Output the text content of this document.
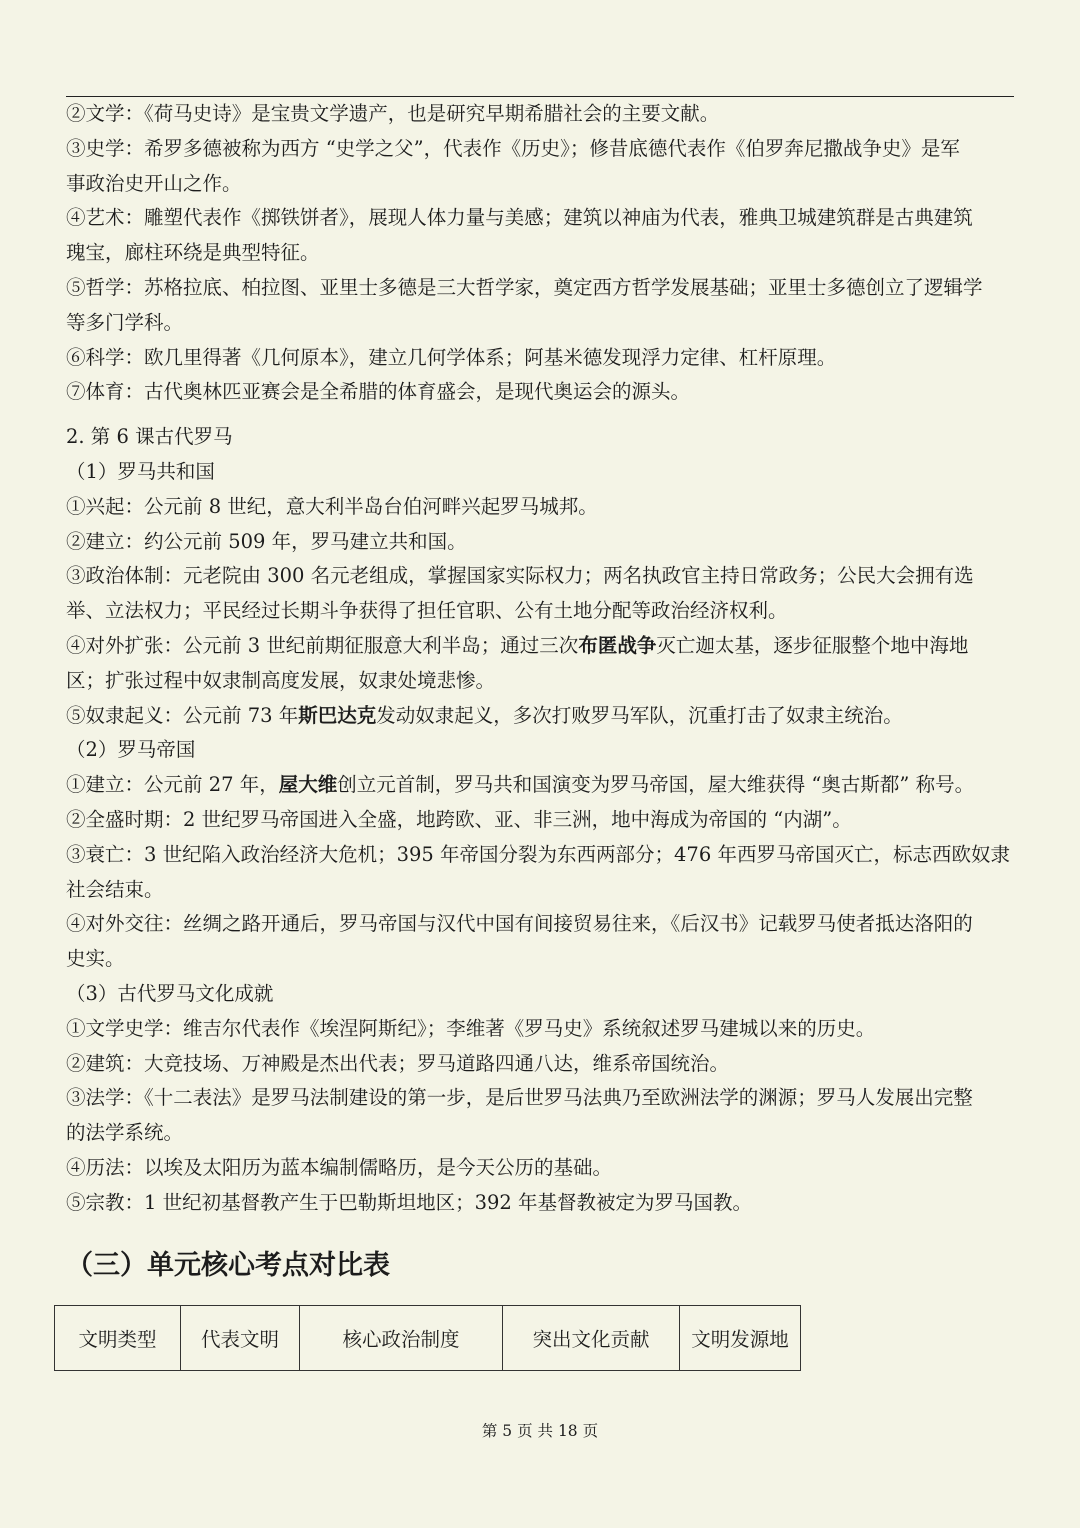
②文学：《荷马史诗》是宝贵文学遗产，也是研究早期希腊社会的主要文献。
③史学：希罗多德被称为西方 “史学之父”，代表作《历史》；修昔底德代表作《伯罗奔尼撒战争史》是军
事政治史开山之作。
④艺术：雕塑代表作《掷铁饼者》，展现人体力量与美感；建筑以神庙为代表，雅典卫城建筑群是古典建筑
瑰宝，廊柱环绕是典型特征。
⑤哲学：苏格拉底、柏拉图、亚里士多德是三大哲学家，奠定西方哲学发展基础；亚里士多德创立了逻辑学
等多门学科。
⑥科学：欧几里得著《几何原本》，建立几何学体系；阿基米德发现浮力定律、杠杆原理。
⑦体育：古代奥林匹亚赛会是全希腊的体育盛会，是现代奥运会的源头。
2. 第 6 课古代罗马
（1）罗马共和国
①兴起：公元前 8 世纪，意大利半岛台伯河畔兴起罗马城邦。
②建立：约公元前 509 年，罗马建立共和国。
③政治体制：元老院由 300 名元老组成，掌握国家实际权力；两名执政官主持日常政务；公民大会拥有选
举、立法权力；平民经过长期斗争获得了担任官职、公有土地分配等政治经济权利。
④对外扩张：公元前 3 世纪前期征服意大利半岛；通过三次布匿战争灭亡迦太基，逐步征服整个地中海地
区；扩张过程中奴隶制高度发展，奴隶处境悲惨。
⑤奴隶起义：公元前 73 年斯巴达克发动奴隶起义，多次打败罗马军队，沉重打击了奴隶主统治。
（2）罗马帝国
①建立：公元前 27 年，屋大维创立元首制，罗马共和国演变为罗马帝国，屋大维获得 “奥古斯都” 称号。
②全盛时期：2 世纪罗马帝国进入全盛，地跨欧、亚、非三洲，地中海成为帝国的 “内湖”。
③衰亡：3 世纪陷入政治经济大危机；395 年帝国分裂为东西两部分；476 年西罗马帝国灭亡，标志西欧奴隶
社会结束。
④对外交往：丝绸之路开通后，罗马帝国与汉代中国有间接贸易往来，《后汉书》记载罗马使者抵达洛阳的
史实。
（3）古代罗马文化成就
①文学史学：维吉尔代表作《埃涅阿斯纪》；李维著《罗马史》系统叙述罗马建城以来的历史。
②建筑：大竞技场、万神殿是杰出代表；罗马道路四通八达，维系帝国统治。
③法学：《十二表法》是罗马法制建设的第一步，是后世罗马法典乃至欧洲法学的渊源；罗马人发展出完整
的法学系统。
④历法：以埃及太阳历为蓝本编制儒略历，是今天公历的基础。
⑤宗教：1 世纪初基督教产生于巴勒斯坦地区；392 年基督教被定为罗马国教。
（三）单元核心考点对比表
文明类型	代表文明	核心政治制度	突出文化贡献	文明发源地
第 5 页 共 18 页
